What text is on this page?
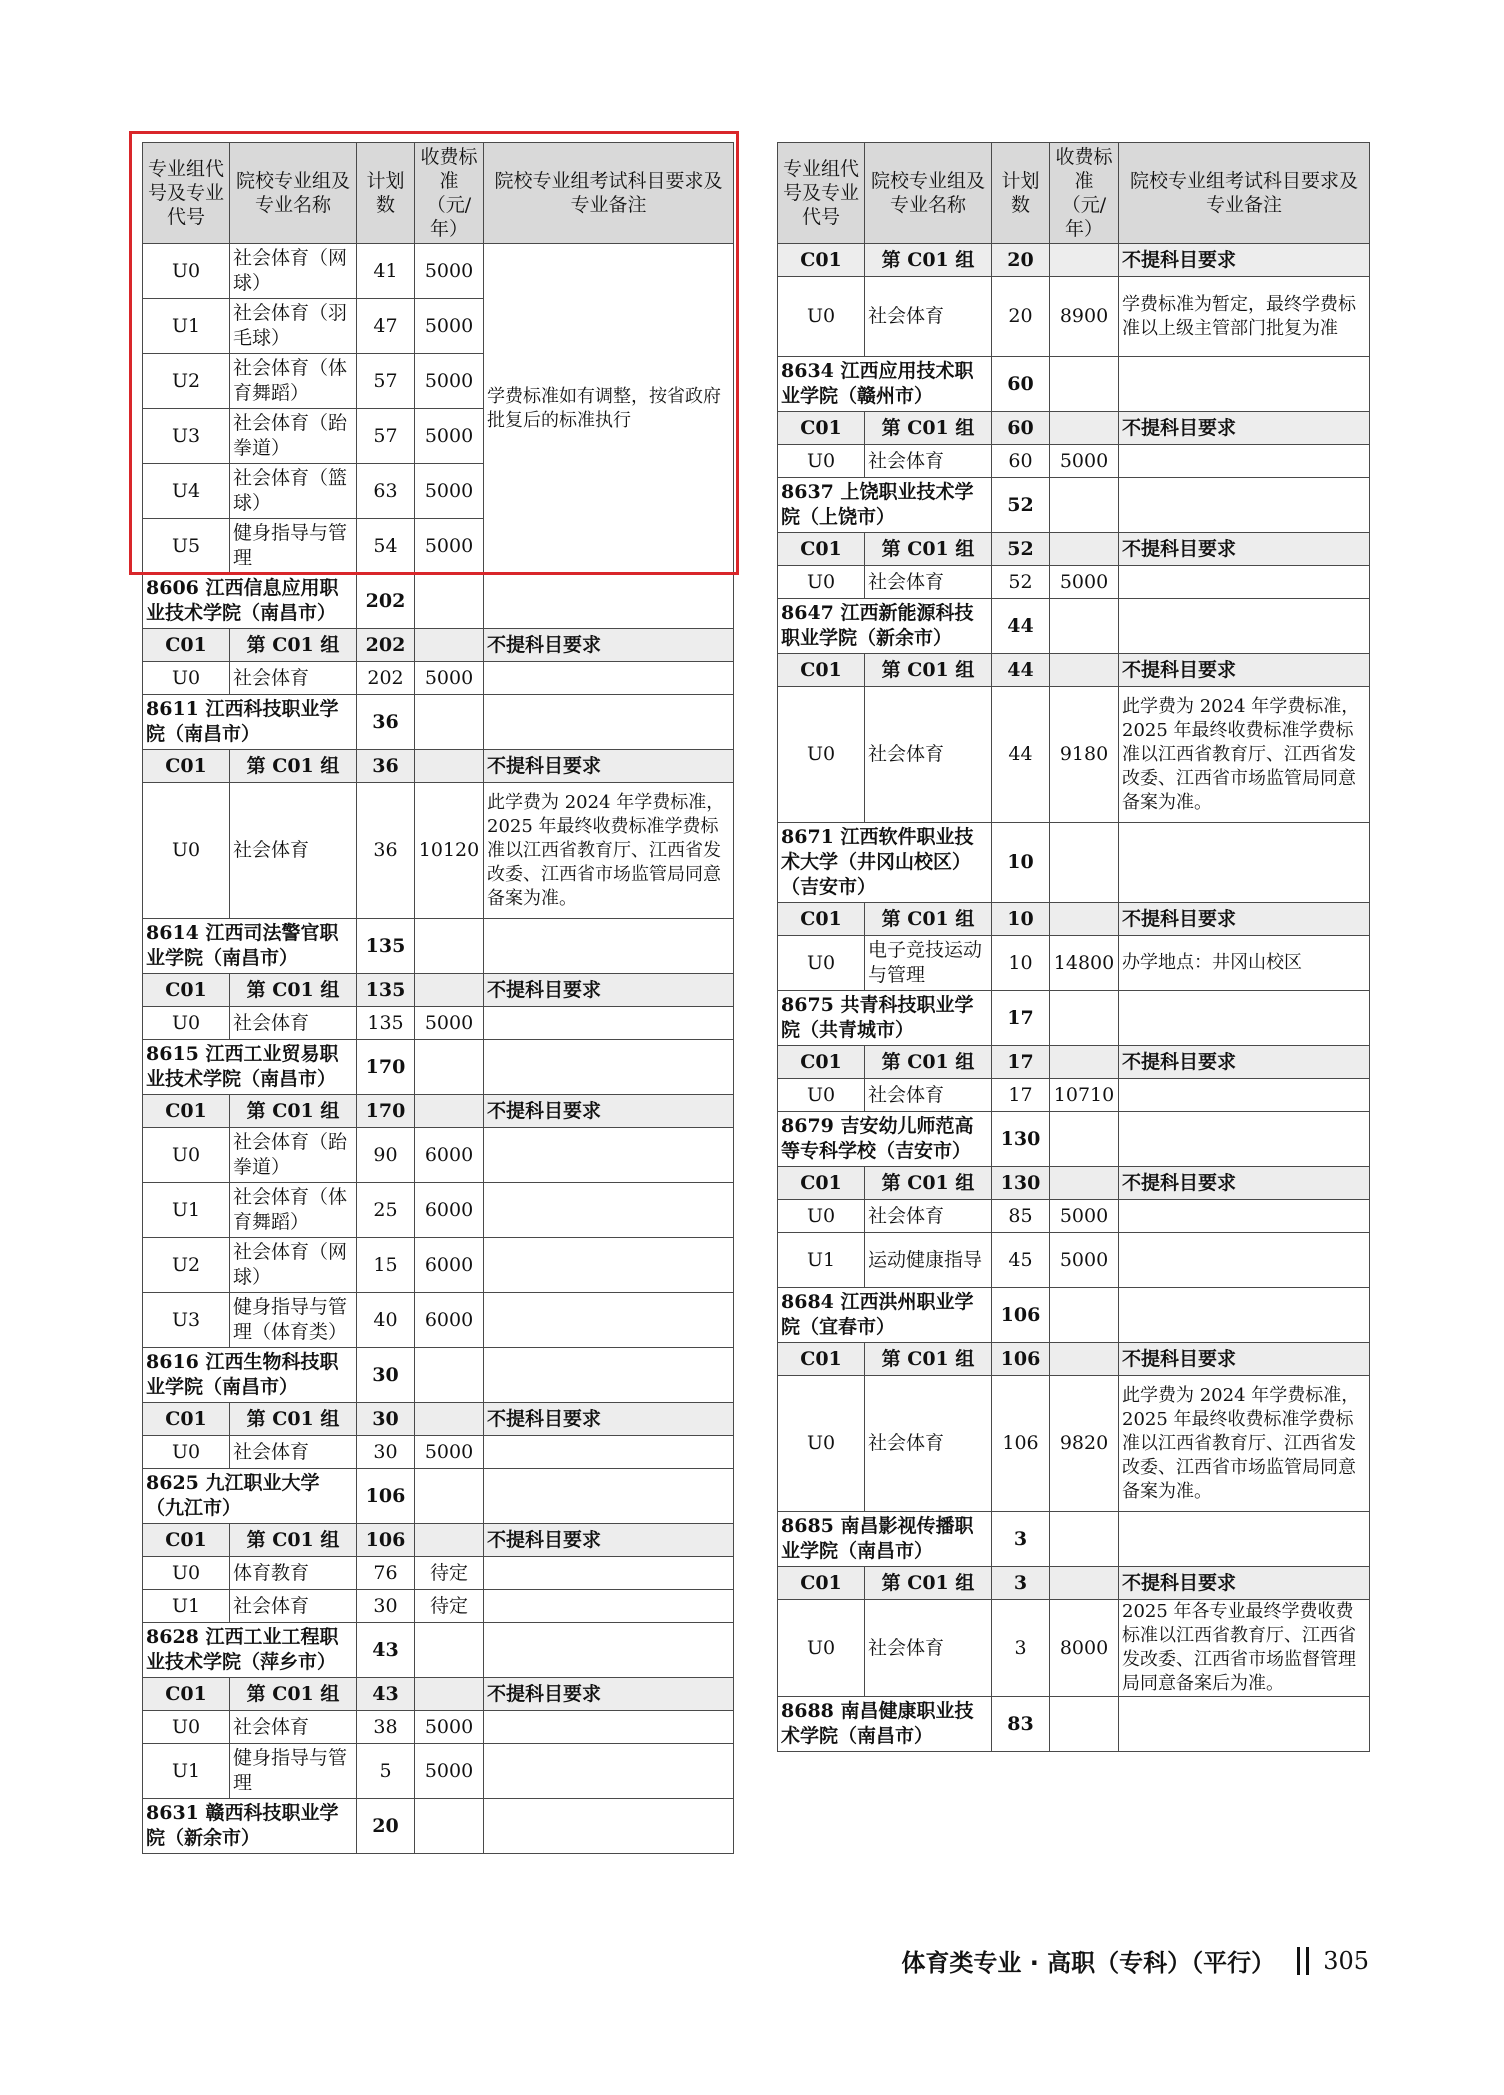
专业组代号及专业代号	院校专业组及专业名称	计划数	收费标准（元/年）	院校专业组考试科目要求及专业备注
U0	社会体育（网球）	41	5000	学费标准如有调整，按省政府批复后的标准执行
U1	社会体育（羽毛球）	47	5000	
U2	社会体育（体育舞蹈）	57	5000	
U3	社会体育（跆拳道）	57	5000	
U4	社会体育（篮球）	63	5000	
U5	健身指导与管理	54	5000	
8606 江西信息应用职业技术学院（南昌市）		202		
C01	第 C01 组	202		不提科目要求
U0	社会体育	202	5000	
8611 江西科技职业学院（南昌市）		36		
C01	第 C01 组	36		不提科目要求
U0	社会体育	36	10120	此学费为 2024 年学费标准，2025 年最终收费标准学费标准以江西省教育厅、江西省发改委、江西省市场监管局同意备案为准。
8614 江西司法警官职业学院（南昌市）		135		
C01	第 C01 组	135		不提科目要求
U0	社会体育	135	5000	
8615 江西工业贸易职业技术学院（南昌市）		170		
C01	第 C01 组	170		不提科目要求
U0	社会体育（跆拳道）	90	6000	
U1	社会体育（体育舞蹈）	25	6000	
U2	社会体育（网球）	15	6000	
U3	健身指导与管理（体育类）	40	6000	
8616 江西生物科技职业学院（南昌市）		30		
C01	第 C01 组	30		不提科目要求
U0	社会体育	30	5000	
8625 九江职业大学（九江市）		106		
C01	第 C01 组	106		不提科目要求
U0	体育教育	76	待定	
U1	社会体育	30	待定	
8628 江西工业工程职业技术学院（萍乡市）		43		
C01	第 C01 组	43		不提科目要求
U0	社会体育	38	5000	
U1	健身指导与管理	5	5000	
8631 赣西科技职业学院（新余市）		20		
专业组代号及专业代号	院校专业组及专业名称	计划数	收费标准（元/年）	院校专业组考试科目要求及专业备注
C01	第 C01 组	20		不提科目要求
U0	社会体育	20	8900	学费标准为暂定，最终学费标准以上级主管部门批复为准
8634 江西应用技术职业学院（赣州市）		60		
C01	第 C01 组	60		不提科目要求
U0	社会体育	60	5000	
8637 上饶职业技术学院（上饶市）		52		
C01	第 C01 组	52		不提科目要求
U0	社会体育	52	5000	
8647 江西新能源科技职业学院（新余市）		44		
C01	第 C01 组	44		不提科目要求
U0	社会体育	44	9180	此学费为 2024 年学费标准，2025 年最终收费标准学费标准以江西省教育厅、江西省发改委、江西省市场监管局同意备案为准。
8671 江西软件职业技术大学（井冈山校区）（吉安市）		10		
C01	第 C01 组	10		不提科目要求
U0	电子竞技运动与管理	10	14800	办学地点：井冈山校区
8675 共青科技职业学院（共青城市）		17		
C01	第 C01 组	17		不提科目要求
U0	社会体育	17	10710	
8679 吉安幼儿师范高等专科学校（吉安市）		130		
C01	第 C01 组	130		不提科目要求
U0	社会体育	85	5000	
U1	运动健康指导	45	5000	
8684 江西洪州职业学院（宜春市）		106		
C01	第 C01 组	106		不提科目要求
U0	社会体育	106	9820	此学费为 2024 年学费标准，2025 年最终收费标准学费标准以江西省教育厅、江西省发改委、江西省市场监管局同意备案为准。
8685 南昌影视传播职业学院（南昌市）		3		
C01	第 C01 组	3		不提科目要求
U0	社会体育	3	8000	2025 年各专业最终学费收费标准以江西省教育厅、江西省发改委、江西省市场监督管理局同意备案后为准。
8688 南昌健康职业技术学院（南昌市）		83		
体育类专业 · 高职（专科）（平行） 305
